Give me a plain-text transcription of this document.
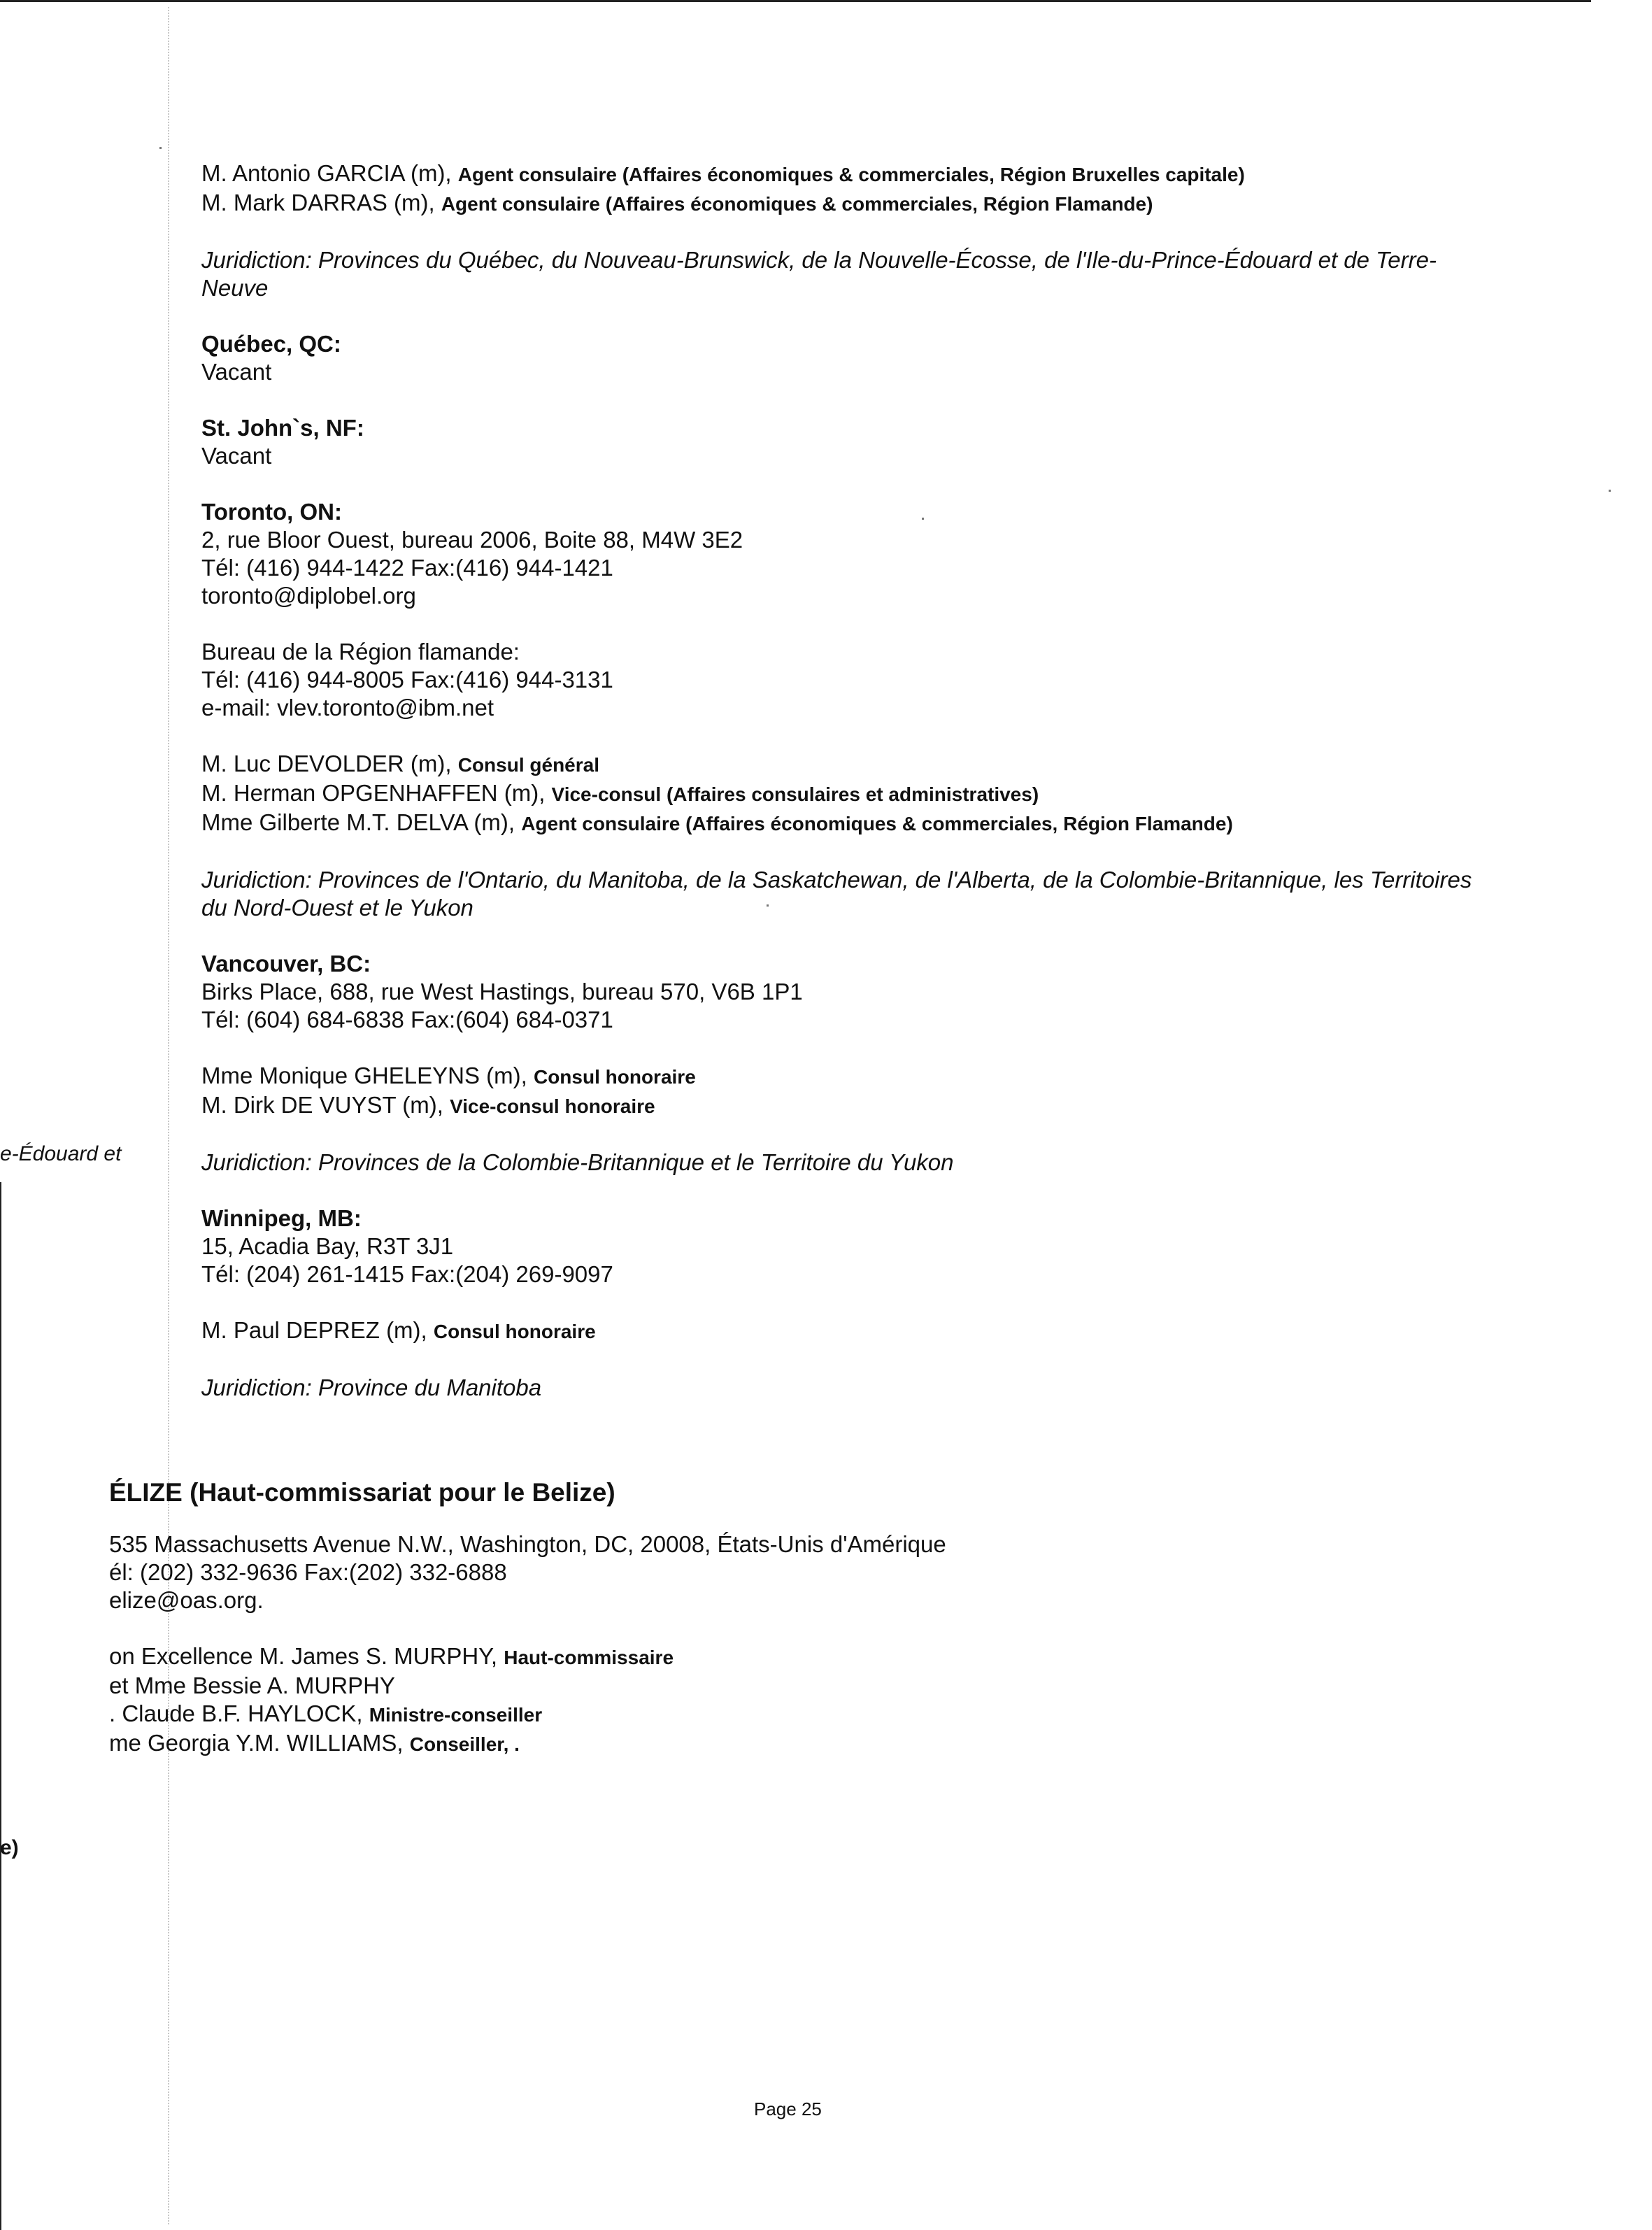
e-Édouard et
e)

M. Antonio GARCIA (m), Agent consulaire (Affaires économiques & commerciales, Région Bruxelles capitale)

M. Mark DARRAS (m), Agent consulaire (Affaires économiques & commerciales, Région Flamande)

Juridiction: Provinces du Québec, du Nouveau-Brunswick, de la Nouvelle-Écosse, de l'Ile-du-Prince-Édouard et de Terre-Neuve

Québec, QC:

Vacant

St. John`s, NF:

Vacant

Toronto, ON:

2, rue Bloor Ouest, bureau 2006, Boite 88, M4W 3E2

Tél: (416) 944-1422 Fax:(416) 944-1421

toronto@diplobel.org

Bureau de la Région flamande:

Tél: (416) 944-8005 Fax:(416) 944-3131

e-mail: vlev.toronto@ibm.net

M. Luc DEVOLDER (m), Consul général

M. Herman OPGENHAFFEN (m), Vice-consul (Affaires consulaires et administratives)

Mme Gilberte M.T. DELVA (m), Agent consulaire (Affaires économiques & commerciales, Région Flamande)

Juridiction: Provinces de l'Ontario, du Manitoba, de la Saskatchewan, de l'Alberta, de la Colombie-Britannique, les Territoires du Nord-Ouest et le Yukon

Vancouver, BC:

Birks Place, 688, rue West Hastings, bureau 570, V6B 1P1

Tél: (604) 684-6838 Fax:(604) 684-0371

Mme Monique GHELEYNS (m), Consul honoraire

M. Dirk DE VUYST (m), Vice-consul honoraire

Juridiction: Provinces de la Colombie-Britannique et le Territoire du Yukon

Winnipeg, MB:

15, Acadia Bay, R3T 3J1

Tél: (204) 261-1415 Fax:(204) 269-9097

M. Paul DEPREZ (m), Consul honoraire

Juridiction: Province du Manitoba

ÉLIZE (Haut-commissariat pour le Belize)

535 Massachusetts Avenue N.W., Washington, DC, 20008, États-Unis d'Amérique

él: (202) 332-9636 Fax:(202) 332-6888

elize@oas.org.

on Excellence M. James S. MURPHY, Haut-commissaire

et Mme Bessie A. MURPHY

. Claude B.F. HAYLOCK, Ministre-conseiller

me Georgia Y.M. WILLIAMS, Conseiller, .

Page 25
